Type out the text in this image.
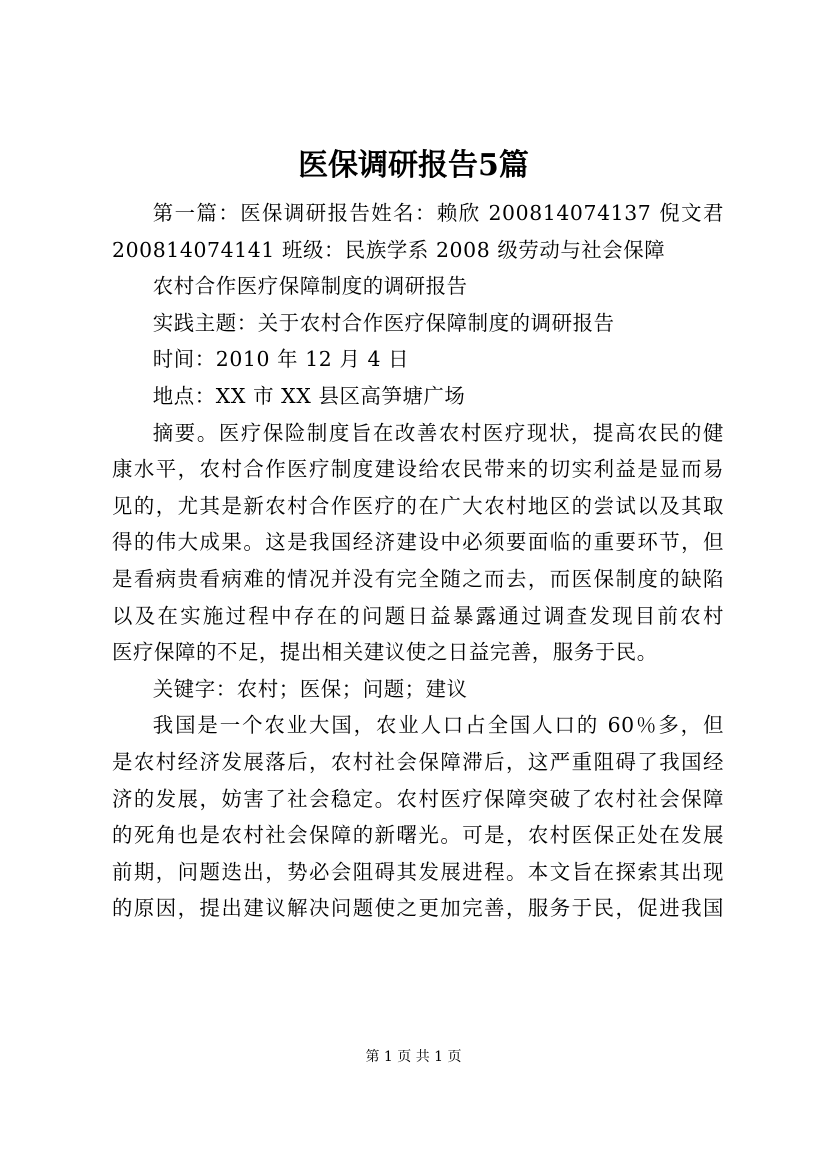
医保调研报告5篇

第一篇：医保调研报告姓名：赖欣 200814074137 倪文君
200814074141 班级：民族学系 2008 级劳动与社会保障

农村合作医疗保障制度的调研报告

实践主题：关于农村合作医疗保障制度的调研报告

时间：2010 年 12 月 4 日

地点：XX 市 XX 县区高笋塘广场

摘要。医疗保险制度旨在改善农村医疗现状，提高农民的健
康水平，农村合作医疗制度建设给农民带来的切实利益是显而易
见的，尤其是新农村合作医疗的在广大农村地区的尝试以及其取
得的伟大成果。这是我国经济建设中必须要面临的重要环节，但
是看病贵看病难的情况并没有完全随之而去，而医保制度的缺陷
以及在实施过程中存在的问题日益暴露通过调查发现目前农村
医疗保障的不足，提出相关建议使之日益完善，服务于民。

关键字：农村；医保；问题；建议

我国是一个农业大国，农业人口占全国人口的 60％多，但
是农村经济发展落后，农村社会保障滞后，这严重阻碍了我国经
济的发展，妨害了社会稳定。农村医疗保障突破了农村社会保障
的死角也是农村社会保障的新曙光。可是，农村医保正处在发展
前期，问题迭出，势必会阻碍其发展进程。本文旨在探索其出现
的原因，提出建议解决问题使之更加完善，服务于民，促进我国

第 1 页 共 1 页
